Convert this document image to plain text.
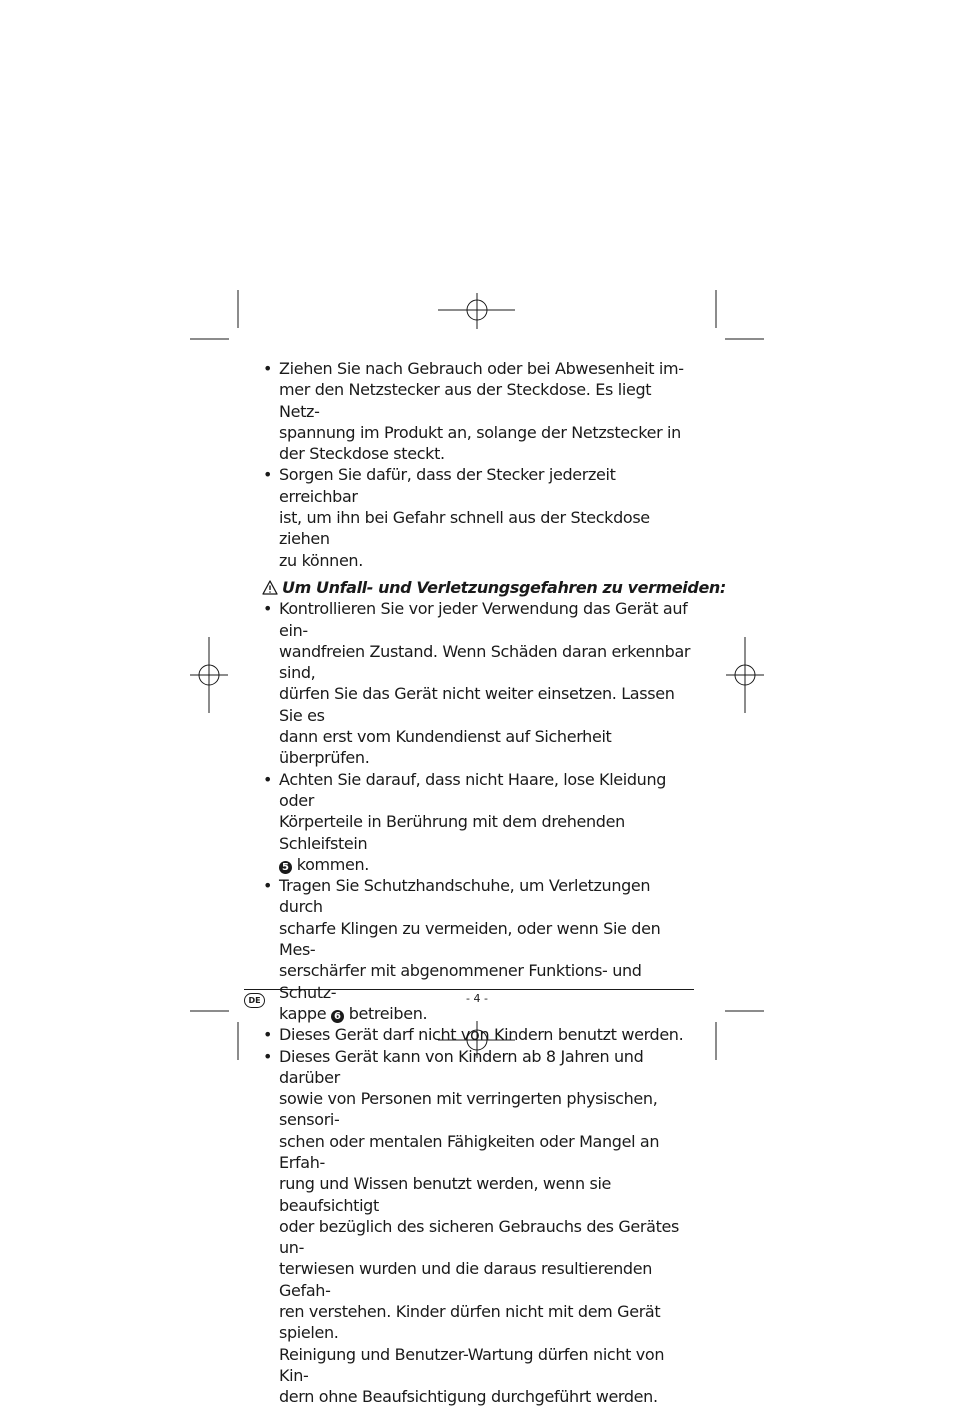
• Ziehen Sie nach Gebrauch oder bei Abwesenheit im-
mer den Netzstecker aus der Steckdose. Es liegt Netz-
spannung im Produkt an, solange der Netzstecker in
der Steckdose steckt.
• Sorgen Sie dafür, dass der Stecker jederzeit erreichbar
ist, um ihn bei Gefahr schnell aus der Steckdose ziehen
zu können.
Um Unfall- und Verletzungsgefahren zu vermeiden:
• Kontrollieren Sie vor jeder Verwendung das Gerät auf ein-
wandfreien Zustand. Wenn Schäden daran erkennbar sind,
dürfen Sie das Gerät nicht weiter einsetzen. Lassen Sie es
dann erst vom Kundendienst auf Sicherheit überprüfen.
• Achten Sie darauf, dass nicht Haare, lose Kleidung oder
Körperteile in Berührung mit dem drehenden Schleifstein
5 kommen.
• Tragen Sie Schutzhandschuhe, um Verletzungen durch
scharfe Klingen zu vermeiden, oder wenn Sie den Mes-
serschärfer mit abgenommener Funktions- und Schutz-
kappe 6 betreiben.
• Dieses Gerät darf nicht von Kindern benutzt werden.
• Dieses Gerät kann von Kindern ab 8 Jahren und darüber
sowie von Personen mit verringerten physischen, sensori-
schen oder mentalen Fähigkeiten oder Mangel an Erfah-
rung und Wissen benutzt werden, wenn sie beaufsichtigt
oder bezüglich des sicheren Gebrauchs des Gerätes un-
terwiesen wurden und die daraus resultierenden Gefah-
ren verstehen. Kinder dürfen nicht mit dem Gerät spielen.
Reinigung und Benutzer-Wartung dürfen nicht von Kin-
dern ohne Beaufsichtigung durchgeführt werden.
DE	- 4 -
